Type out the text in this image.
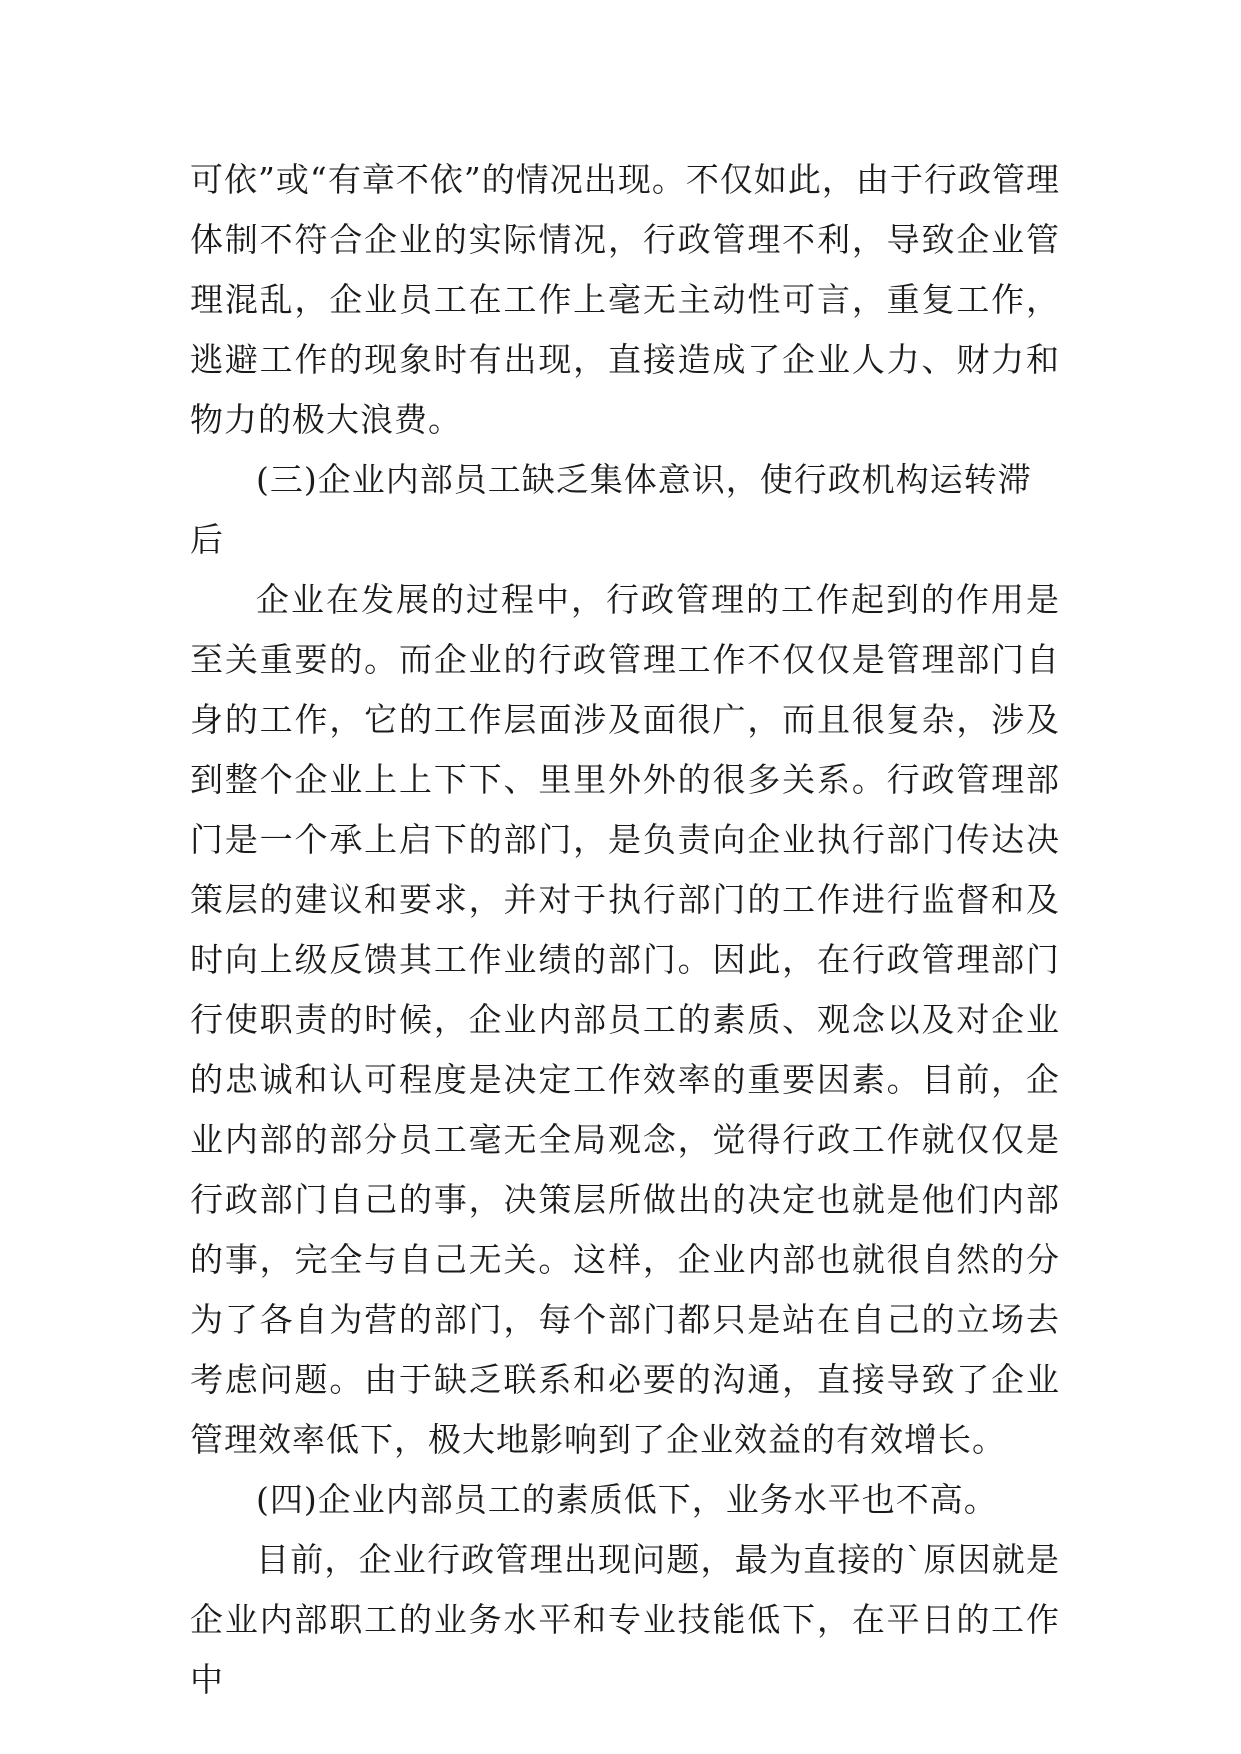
可依”或“有章不依”的情况出现。不仅如此，由于行政管理体制不符合企业的实际情况，行政管理不利，导致企业管理混乱，企业员工在工作上毫无主动性可言，重复工作，逃避工作的现象时有出现，直接造成了企业人力、财力和物力的极大浪费。

(三)企业内部员工缺乏集体意识，使行政机构运转滞后

企业在发展的过程中，行政管理的工作起到的作用是至关重要的。而企业的行政管理工作不仅仅是管理部门自身的工作，它的工作层面涉及面很广，而且很复杂，涉及到整个企业上上下下、里里外外的很多关系。行政管理部门是一个承上启下的部门，是负责向企业执行部门传达决策层的建议和要求，并对于执行部门的工作进行监督和及时向上级反馈其工作业绩的部门。因此，在行政管理部门行使职责的时候，企业内部员工的素质、观念以及对企业的忠诚和认可程度是决定工作效率的重要因素。目前，企业内部的部分员工毫无全局观念，觉得行政工作就仅仅是行政部门自己的事，决策层所做出的决定也就是他们内部的事，完全与自己无关。这样，企业内部也就很自然的分为了各自为营的部门，每个部门都只是站在自己的立场去考虑问题。由于缺乏联系和必要的沟通，直接导致了企业管理效率低下，极大地影响到了企业效益的有效增长。

(四)企业内部员工的素质低下，业务水平也不高。

目前，企业行政管理出现问题，最为直接的`原因就是企业内部职工的业务水平和专业技能低下，在平日的工作中
